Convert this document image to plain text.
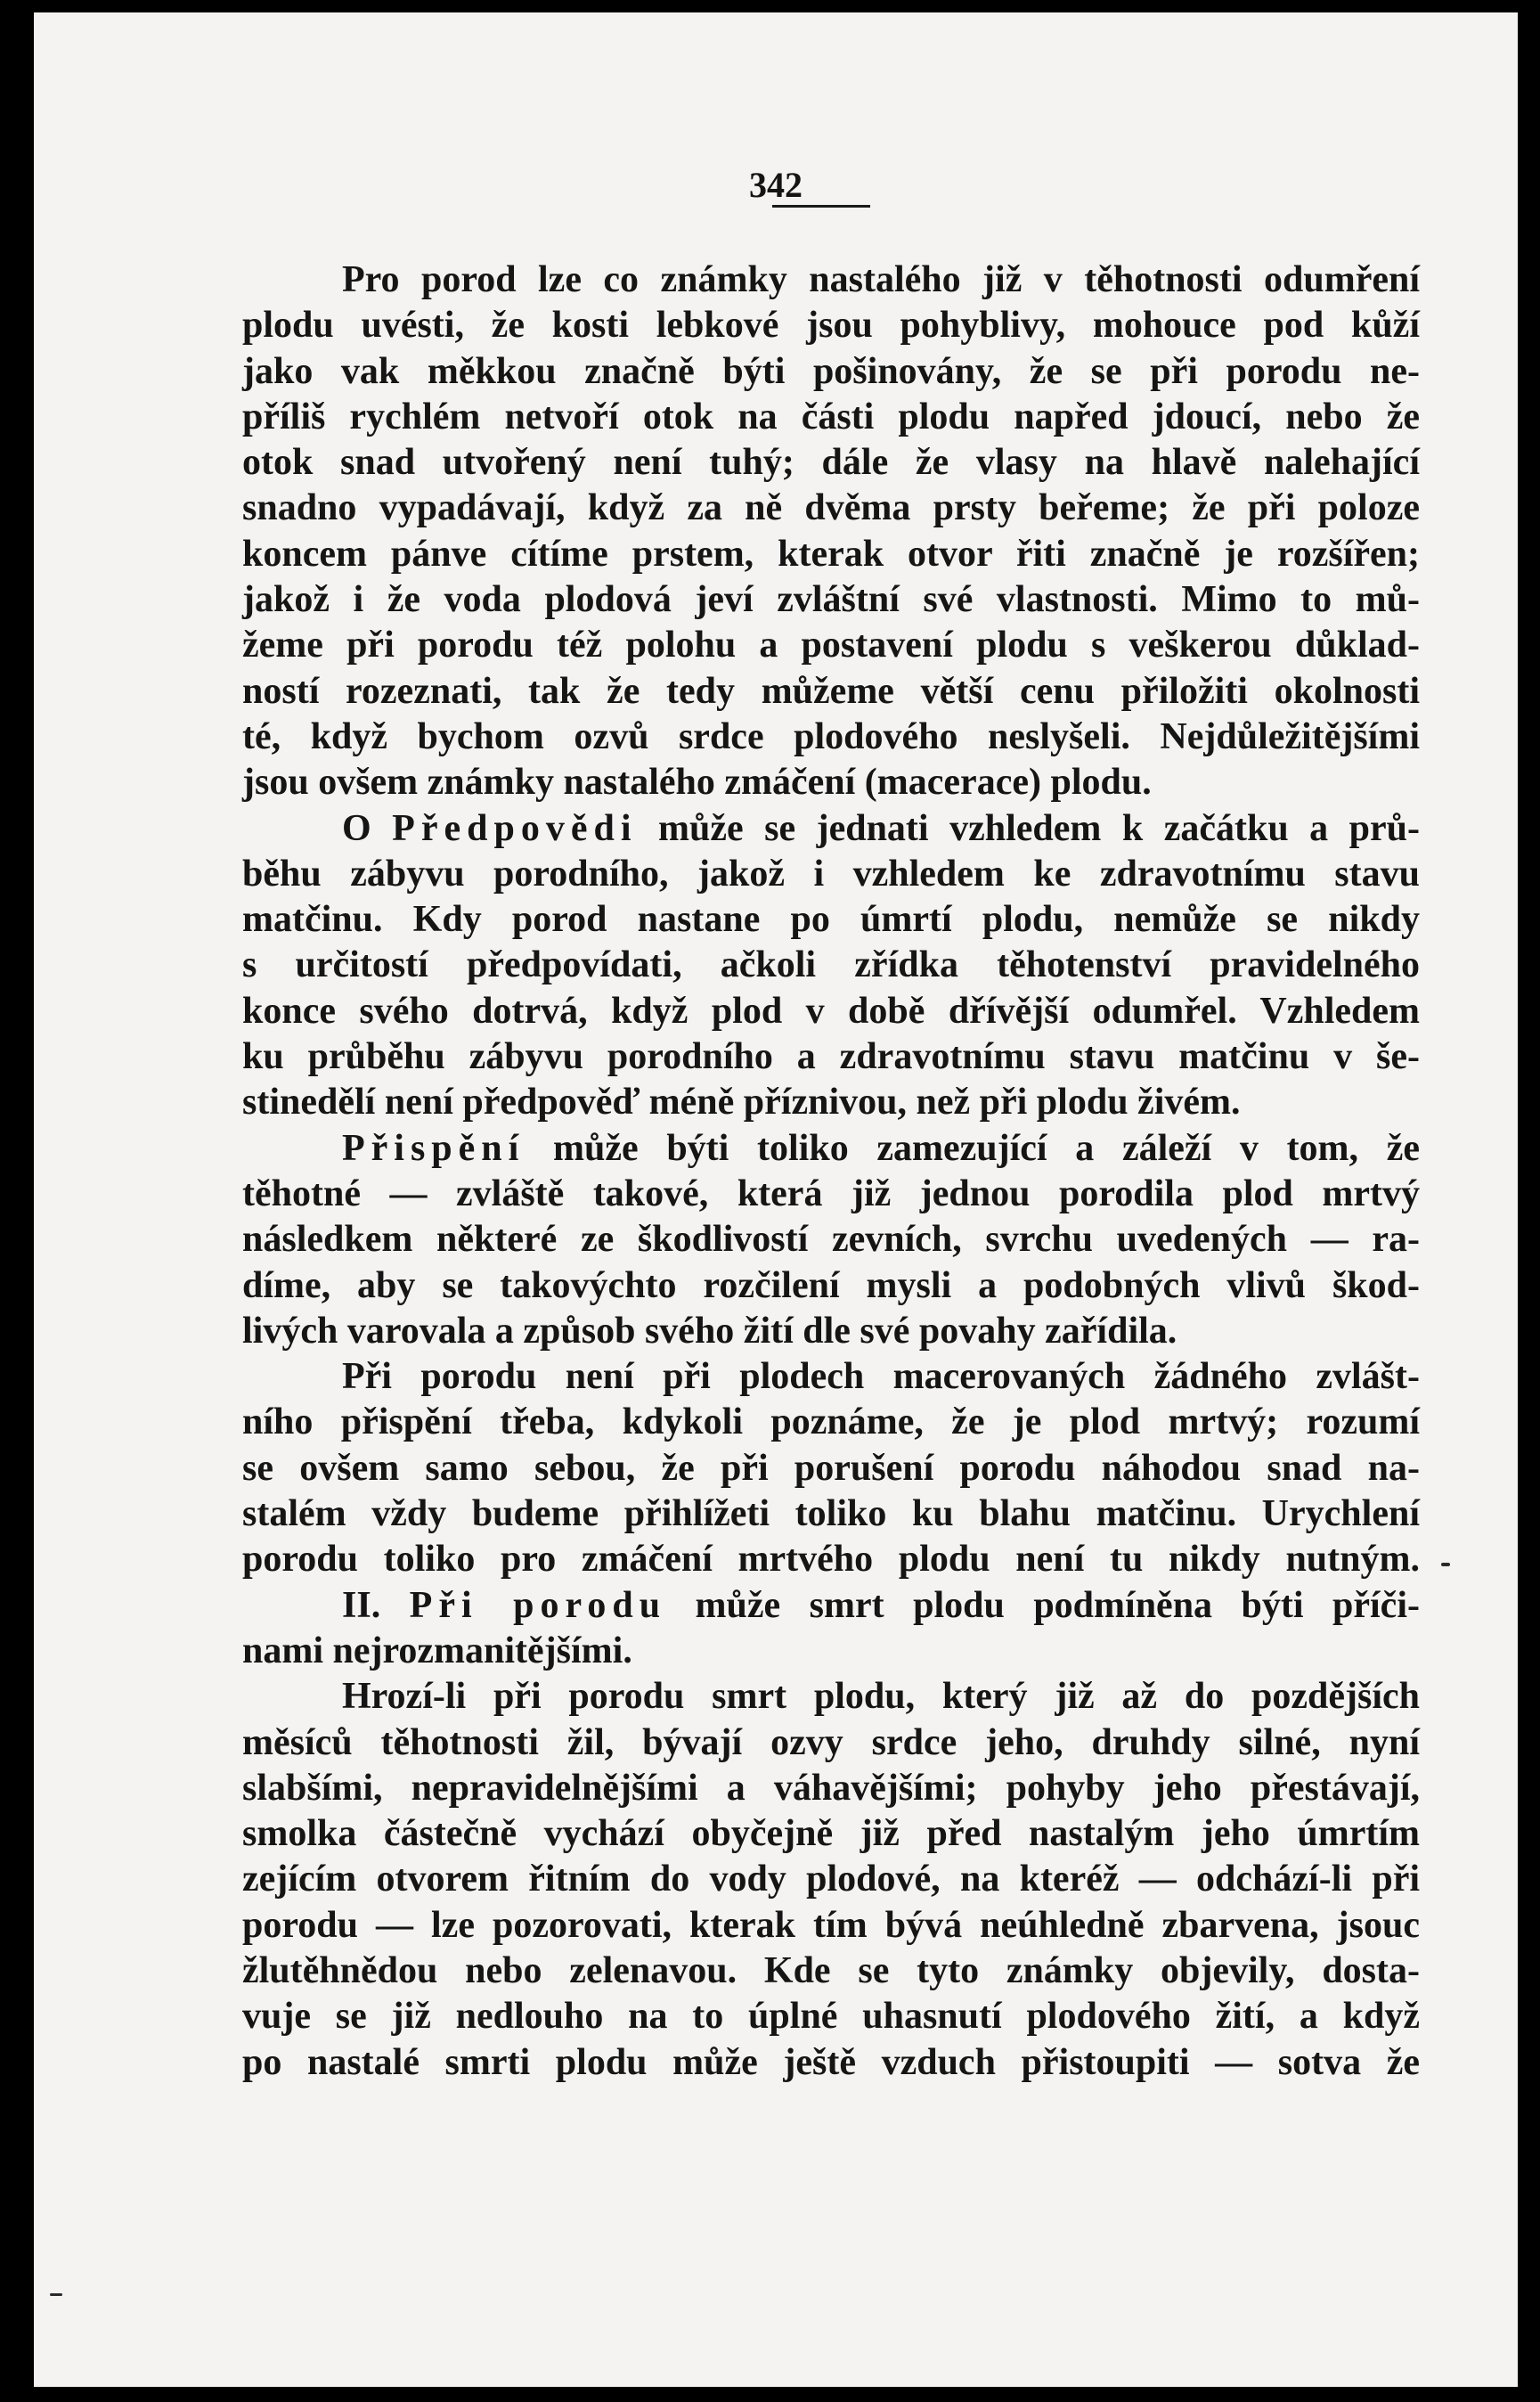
342
Pro porod lze co známky nastalého již v těhotnosti odumření
plodu uvésti, že kosti lebkové jsou pohyblivy, mohouce pod kůží
jako vak měkkou značně býti pošinovány, že se při porodu ne-
příliš rychlém netvoří otok na části plodu napřed jdoucí, nebo že
otok snad utvořený není tuhý; dále že vlasy na hlavě nalehající
snadno vypadávají, když za ně dvěma prsty beřeme; že při poloze
koncem pánve cítíme prstem, kterak otvor řiti značně je rozšířen;
jakož i že voda plodová jeví zvláštní své vlastnosti. Mimo to mů-
žeme při porodu též polohu a postavení plodu s veškerou důklad-
ností rozeznati, tak že tedy můžeme větší cenu přiložiti okolnosti
té, když bychom ozvů srdce plodového neslyšeli. Nejdůležitějšími
jsou ovšem známky nastalého zmáčení (macerace) plodu.
O Předpovědi může se jednati vzhledem k začátku a prů-
běhu zábyvu porodního, jakož i vzhledem ke zdravotnímu stavu
matčinu. Kdy porod nastane po úmrtí plodu, nemůže se nikdy
s určitostí předpovídati, ačkoli zřídka těhotenství pravidelného
konce svého dotrvá, když plod v době dřívější odumřel. Vzhledem
ku průběhu zábyvu porodního a zdravotnímu stavu matčinu v še-
stinedělí není předpověď méně příznivou, než při plodu živém.
Přispění může býti toliko zamezující a záleží v tom, že
těhotné — zvláště takové, která již jednou porodila plod mrtvý
následkem některé ze škodlivostí zevních, svrchu uvedených — ra-
díme, aby se takovýchto rozčilení mysli a podobných vlivů škod-
livých varovala a způsob svého žití dle své povahy zařídila.
Při porodu není při plodech macerovaných žádného zvlášt-
ního přispění třeba, kdykoli poznáme, že je plod mrtvý; rozumí
se ovšem samo sebou, že při porušení porodu náhodou snad na-
stalém vždy budeme přihlížeti toliko ku blahu matčinu. Urychlení
porodu toliko pro zmáčení mrtvého plodu není tu nikdy nutným.
II. Při porodu může smrt plodu podmíněna býti příči-
nami nejrozmanitějšími.
Hrozí-li při porodu smrt plodu, který již až do pozdějších
měsíců těhotnosti žil, bývají ozvy srdce jeho, druhdy silné, nyní
slabšími, nepravidelnějšími a váhavějšími; pohyby jeho přestávají,
smolka částečně vychází obyčejně již před nastalým jeho úmrtím
zejícím otvorem řitním do vody plodové, na kteréž — odchází-li při
porodu — lze pozorovati, kterak tím bývá neúhledně zbarvena, jsouc
žlutěhnědou nebo zelenavou. Kde se tyto známky objevily, dosta-
vuje se již nedlouho na to úplné uhasnutí plodového žití, a když
po nastalé smrti plodu může ještě vzduch přistoupiti — sotva že
